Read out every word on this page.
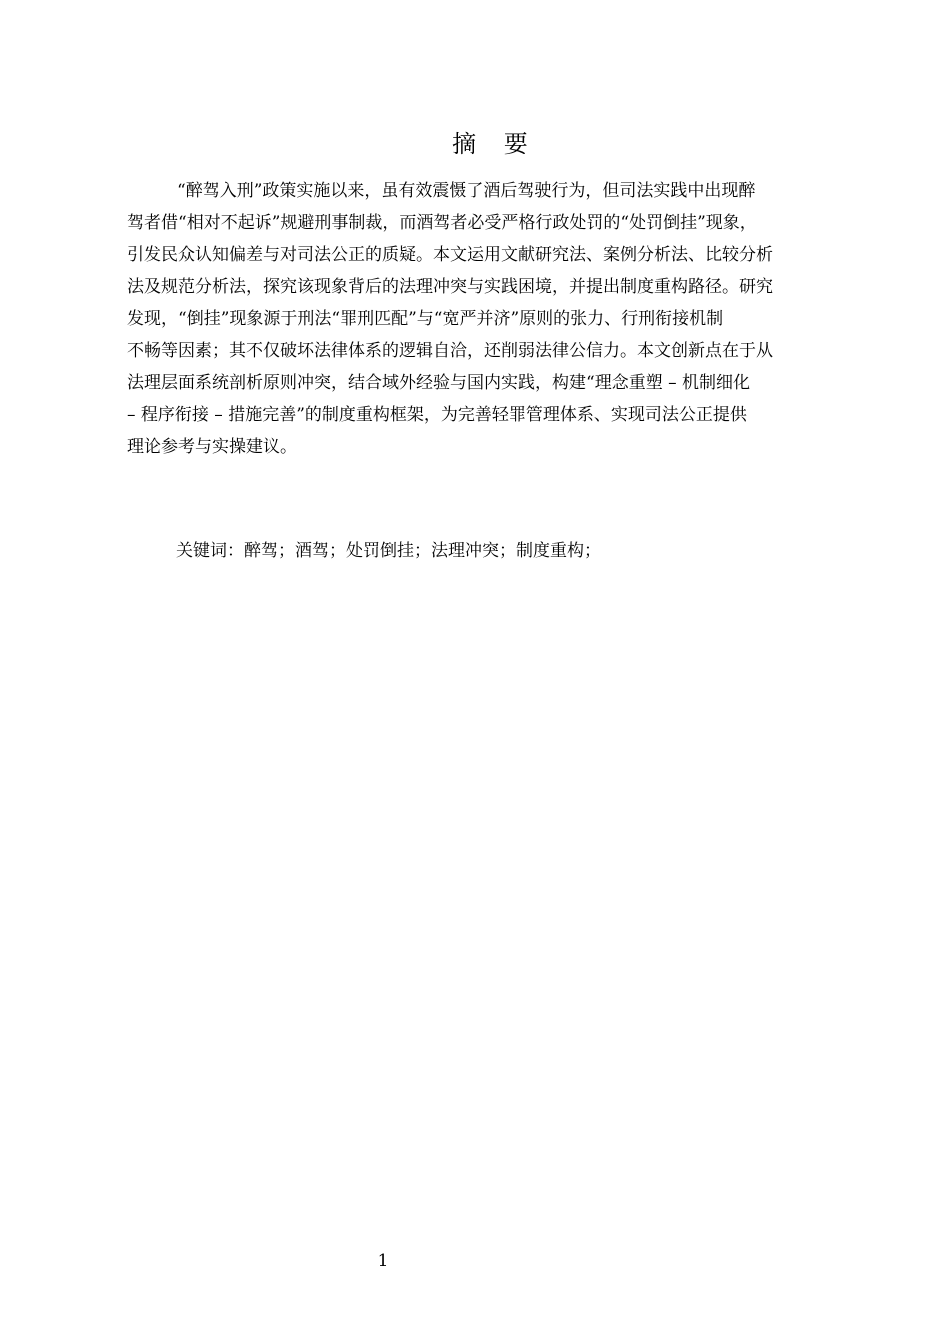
摘 要
“醉驾入刑”政策实施以来，虽有效震慑了酒后驾驶行为，但司法实践中出现醉
驾者借“相对不起诉”规避刑事制裁，而酒驾者必受严格行政处罚的“处罚倒挂”现象，
引发民众认知偏差与对司法公正的质疑。本文运用文献研究法、案例分析法、比较分析
法及规范分析法，探究该现象背后的法理冲突与实践困境，并提出制度重构路径。研究
发现，“倒挂”现象源于刑法“罪刑匹配”与“宽严并济”原则的张力、行刑衔接机制
不畅等因素；其不仅破坏法律体系的逻辑自洽，还削弱法律公信力。本文创新点在于从
法理层面系统剖析原则冲突，结合域外经验与国内实践，构建“理念重塑 – 机制细化
– 程序衔接 – 措施完善”的制度重构框架，为完善轻罪管理体系、实现司法公正提供
理论参考与实操建议。
关键词：醉驾；酒驾；处罚倒挂；法理冲突；制度重构；
1
